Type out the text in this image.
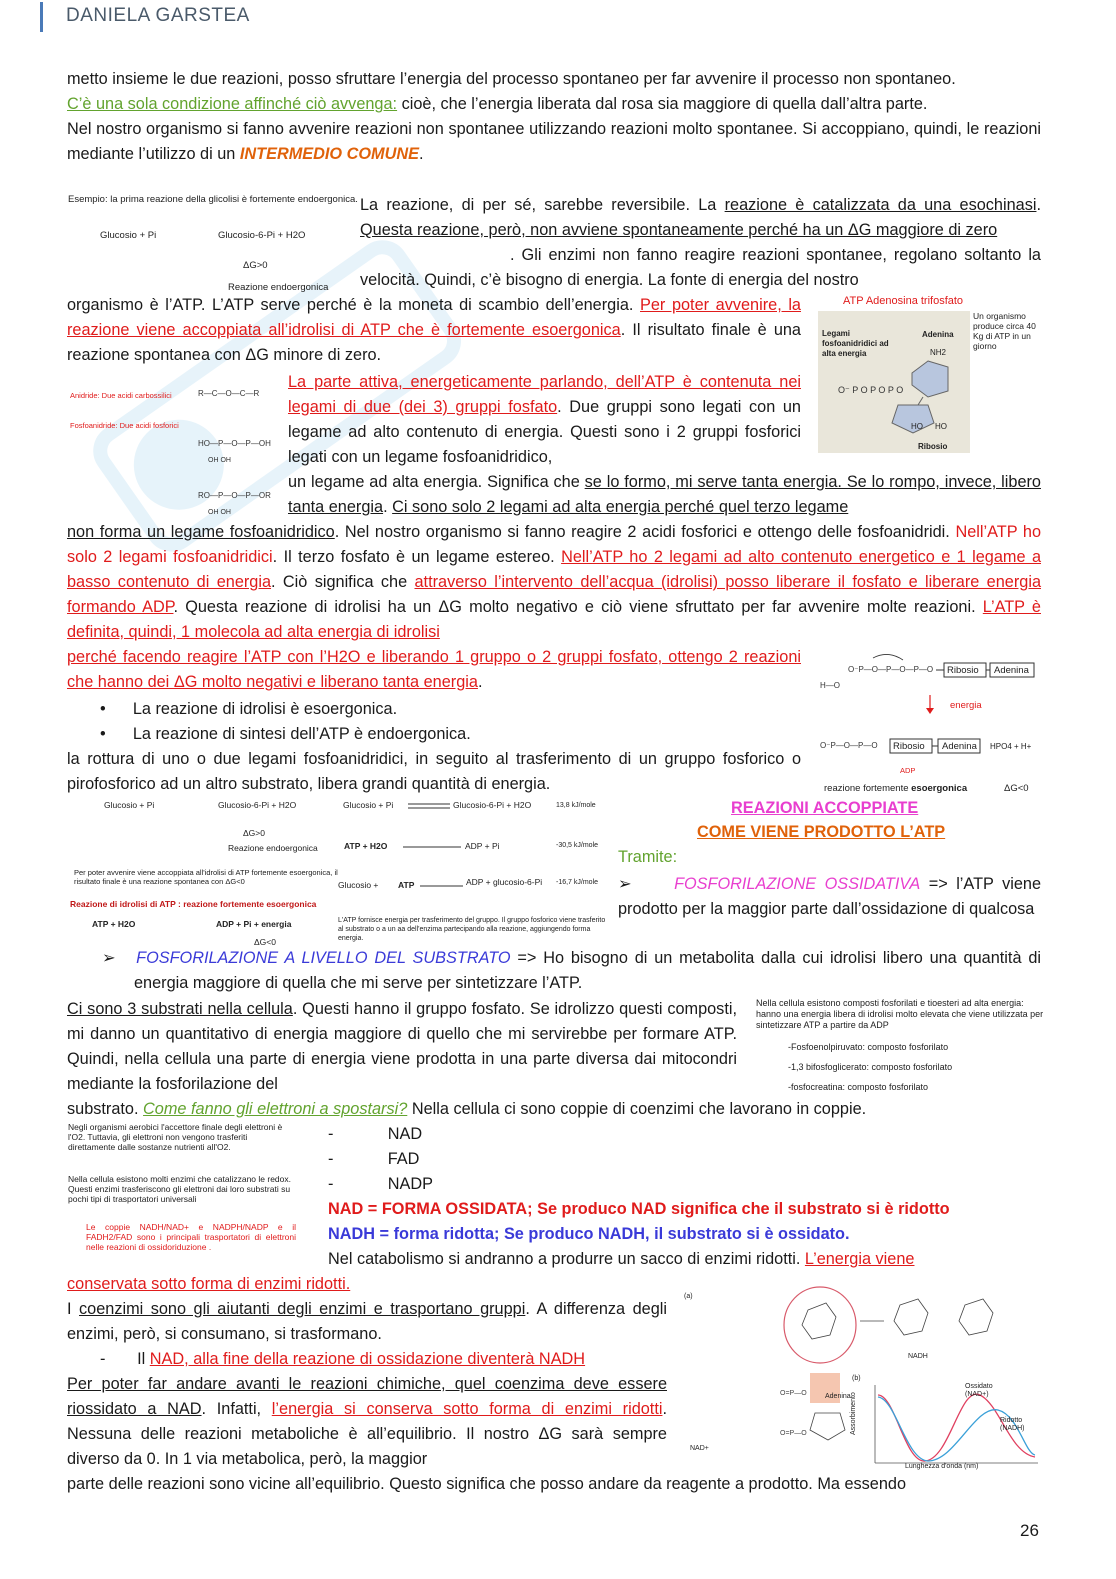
DANIELA GARSTEA

metto insieme le due reazioni, posso sfruttare l’energia del processo spontaneo per far avvenire il processo non spontaneo.

C’è una sola condizione affinché ciò avvenga: cioè, che l’energia liberata dal rosa sia maggiore di quella dall’altra parte.

Nel nostro organismo si fanno avvenire reazioni non spontanee utilizzando reazioni molto spontanee. Si accoppiano, quindi, le reazioni mediante l’utilizzo di un INTERMEDIO COMUNE.

Esempio: la prima reazione della glicolisi è fortemente endoergonica.
Glucosio + Pi	Glucosio-6-Pi + H2O
ΔG>0
Reazione endoergonica

La reazione, di per sé, sarebbe reversibile. La reazione è catalizzata da una esochinasi. Questa reazione, però, non avviene spontaneamente perché ha un ΔG maggiore di zero

. Gli enzimi non fanno reagire reazioni spontanee, regolano soltanto la velocità. Quindi, c’è bisogno di energia. La fonte di energia del nostro

organismo è l’ATP. L’ATP serve perché è la moneta di scambio dell’energia. Per poter avvenire, la reazione viene accoppiata all’idrolisi di ATP che è fortemente esoergonica. Il risultato finale è una reazione spontanea con ΔG minore di zero.

ATP Adenosina trifosfato
Un organismo produce circa 40 Kg di ATP in un giorno
Legami fosfoanidridici ad alta energia
Adenina
NH2
O⁻ P O P O P O
HO HO
Ribosio
Anidride: Due acidi carbossilici
Fosfoanidride: Due acidi fosforici
R—C—O—C—R
HO—P—O—P—OH
OH OH
RO—P—O—P—OR
OH OH

La parte attiva, energeticamente parlando, dell’ATP è contenuta nei legami di due (dei 3) gruppi fosfato. Due gruppi sono legati con un legame ad alto contenuto di energia. Questi sono i 2 gruppi fosforici legati con un legame fosfoanidridico,

un legame ad alta energia. Significa che se lo formo, mi serve tanta energia. Se lo rompo, invece, libero tanta energia. Ci sono solo 2 legami ad alta energia perché quel terzo legame

non forma un legame fosfoanidridico. Nel nostro organismo si fanno reagire 2 acidi fosforici e ottengo delle fosfoanidridi. Nell’ATP ho solo 2 legami fosfoanidridici. Il terzo fosfato è un legame estereo. Nell’ATP ho 2 legami ad alto contenuto energetico e 1 legame a basso contenuto di energia. Ciò significa che attraverso l’intervento dell’acqua (idrolisi) posso liberare il fosfato e liberare energia formando ADP. Questa reazione di idrolisi ha un ΔG molto negativo e ciò viene sfruttato per far avvenire molte reazioni. L’ATP è definita, quindi, 1 molecola ad alta energia di idrolisi

perché facendo reagire l’ATP con l’H2O e liberando 1 gruppo o 2 gruppi fosfato, ottengo 2 reazioni che hanno dei ΔG molto negativi e liberano tanta energia.

•      La reazione di idrolisi è esoergonica.
•      La reazione di sintesi dell’ATP è endoergonica.

la rottura di uno o due legami fosfoanidridici, in seguito al trasferimento di un gruppo fosforico o pirofosforico ad un altro substrato, libera grandi quantità di energia.

H—O
O⁻P—O—P—O—P—O
O⁻P—O—P—O
Ribosio Adenina
energia
Ribosio Adenina HPO4 + H+
ADP
reazione fortemente esoergonica	ΔG<0
Glucosio + Pi	Glucosio-6-Pi + H2O	Glucosio + Pi	Glucosio-6-Pi + H2O	13,8 kJ/mole
ΔG>0
Reazione endoergonica	ATP + H2O	ADP + Pi	-30,5 kJ/mole
Per poter avvenire viene accoppiata all'idrolisi di ATP fortemente esoergonica, il risultato finale è una reazione spontanea con ΔG<0	Glucosio + ATP	ADP + glucosio-6-Pi -16,7 kJ/mole
Reazione di idrolisi di ATP : reazione fortemente esoergonica
ATP + H2O	ADP + Pi + energia	L'ATP fornisce energia per trasferimento del gruppo. Il gruppo fosforico viene trasferito al substrato o a un aa dell'enzima partecipando alla reazione, aggiungendo forma energia.
ΔG<0
REAZIONI ACCOPPIATE
COME VIENE PRODOTTO L’ATP
Tramite:

➢     FOSFORILAZIONE OSSIDATIVA => l’ATP viene prodotto per la maggior parte dall’ossidazione di qualcosa

➢   FOSFORILAZIONE A LIVELLO DEL SUBSTRATO => Ho bisogno di un metabolita dalla cui idrolisi libero una quantità di energia maggiore di quella che mi serve per sintetizzare l’ATP.

Nella cellula esistono composti fosforilati e tioesteri ad alta energia: hanno una energia libera di idrolisi molto elevata che viene utilizzata per sintetizzare ATP a partire da ADP
-Fosfoenolpiruvato: composto fosforilato
-1,3 bifosfoglicerato: composto fosforilato
-fosfocreatina: composto fosforilato

Ci sono 3 substrati nella cellula. Questi hanno il gruppo fosfato. Se idrolizzo questi composti, mi danno un quantitativo di energia maggiore di quello che mi servirebbe per formare ATP. Quindi, nella cellula una parte di energia viene prodotta in una parte diversa dai mitocondri mediante la fosforilazione del

substrato. Come fanno gli elettroni a spostarsi? Nella cellula ci sono coppie di coenzimi che lavorano in coppie.

Negli organismi aerobici l'accettore finale degli elettroni è l'O2. Tuttavia, gli elettroni non vengono trasferiti direttamente dalle sostanze nutrienti all'O2.
Nella cellula esistono molti enzimi che catalizzano le redox. Questi enzimi trasferiscono gli elettroni dai loro substrati su pochi tipi di trasportatori universali
Le coppie NADH/NAD+ e NADPH/NADP e il FADH2/FAD sono i principali trasportatori di elettroni nelle reazioni di ossidoriduzione .
-            NAD
-            FAD
-            NADP
NAD = FORMA OSSIDATA; Se produco NAD significa che il substrato si è ridotto
NADH = forma ridotta; Se produco NADH, il substrato si è ossidato.

Nel catabolismo si andranno a produrre un sacco di enzimi ridotti. L’energia viene

conservata sotto forma di enzimi ridotti.

I coenzimi sono gli aiutanti degli enzimi e trasportano gruppi. A differenza degli enzimi, però, si consumano, si trasformano.

-       Il NAD, alla fine della reazione di ossidazione diventerà NADH

Per poter far andare avanti le reazioni chimiche, quel coenzima deve essere riossidato a NAD. Infatti, l’energia si conserva sotto forma di enzimi ridotti. Nessuna delle reazioni metaboliche è all’equilibrio. Il nostro ΔG sarà sempre diverso da 0. In 1 via metabolica, però, la maggior

parte delle reazioni sono vicine all’equilibrio. Questo significa che posso andare da reagente a prodotto. Ma essendo

(a)
(b)
O=P—O
O=P—O
NAD+
Adenina
NADH
Ossidato (NAD+)
Ridotto (NADH)
Lunghezza d'onda (nm)
Assorbimento
26
